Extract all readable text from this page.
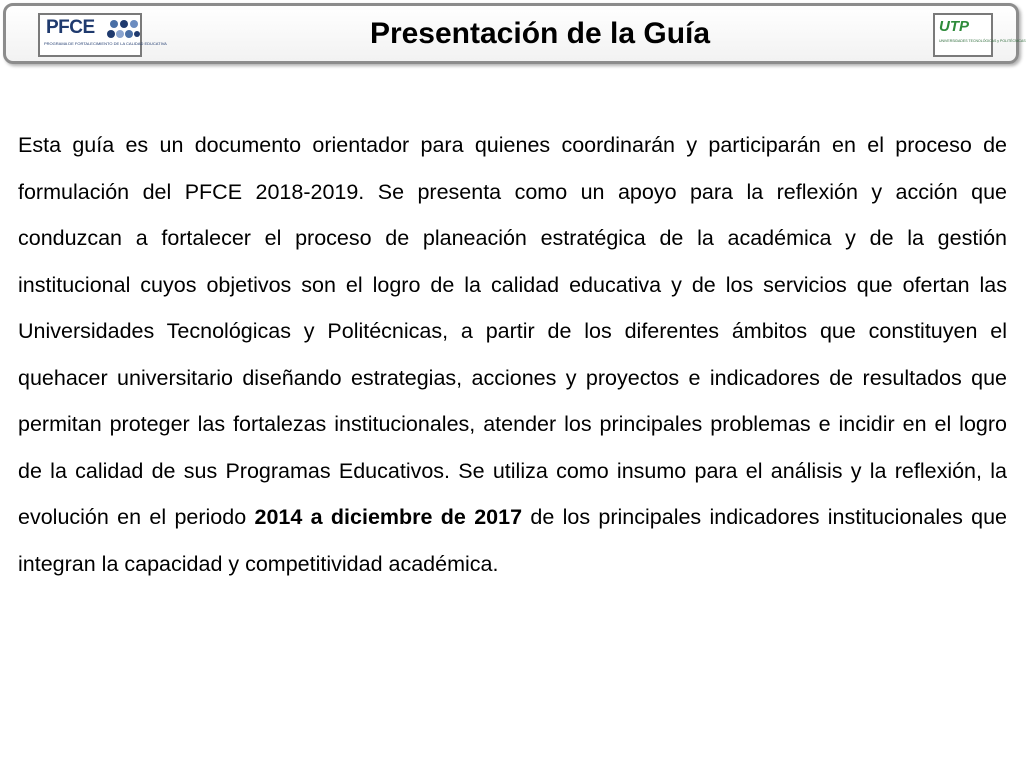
PFCE
PROGRAMA DE FORTALECIMIENTO DE LA CALIDAD EDUCATIVA	Presentación de la Guía	UTP
UNIVERSIDADES TECNOLÓGICAS y POLITÉCNICAS

Esta guía es un documento orientador para quienes coordinarán y participarán en el proceso de formulación del PFCE 2018-2019. Se presenta como un apoyo para la reflexión y acción que conduzcan a fortalecer el proceso de planeación estratégica de la académica y de la gestión institucional cuyos objetivos son el logro de la calidad educativa y de los servicios que ofertan las Universidades Tecnológicas y Politécnicas, a partir de los diferentes ámbitos que constituyen el quehacer universitario diseñando estrategias, acciones y proyectos e indicadores de resultados que permitan proteger las fortalezas institucionales, atender los principales problemas e incidir en el logro de la calidad de sus Programas Educativos. Se utiliza como insumo para el análisis y la reflexión, la evolución en el periodo 2014 a diciembre de 2017 de los principales indicadores institucionales que integran la capacidad y competitividad académica.
